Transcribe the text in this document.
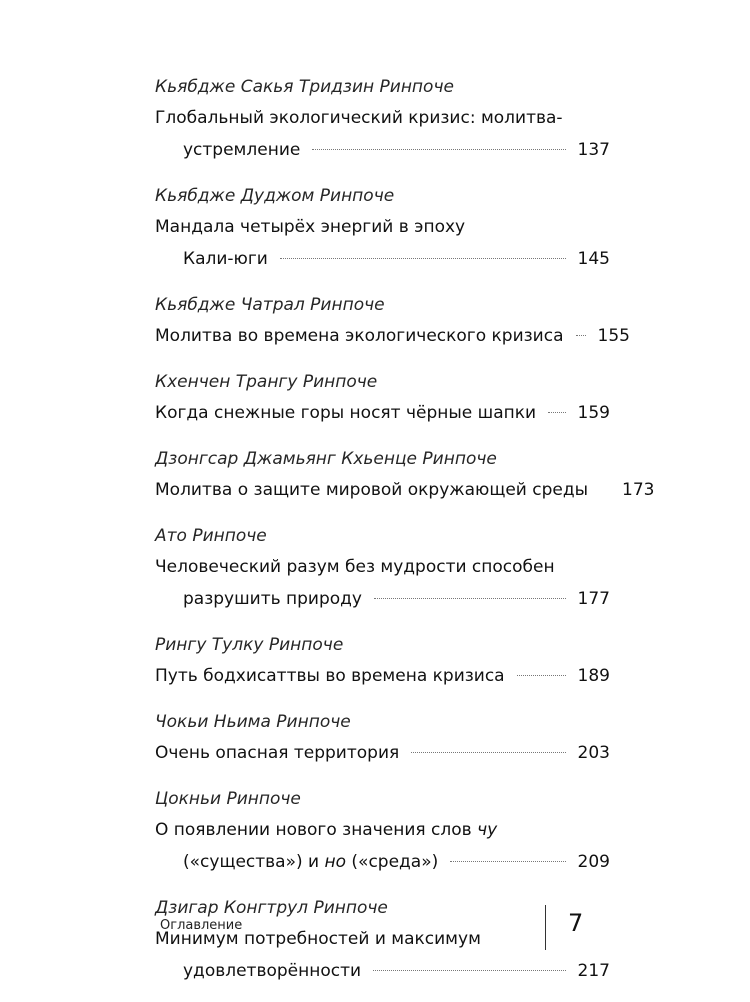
Кьябдже Сакья Тридзин Ринпоче
Глобальный экологический кризис: молитва-
устремление	137
Кьябдже Дуджом Ринпоче
Мандала четырёх энергий в эпоху
Кали-юги	145
Кьябдже Чатрал Ринпоче
Молитва во времена экологического кризиса 155
Кхенчен Трангу Ринпоче
Когда снежные горы носят чёрные шапки 159
Дзонгсар Джамьянг Кхьенце Ринпоче
Молитва о защите мировой окружающей среды 173
Ато Ринпоче
Человеческий разум без мудрости способен
разрушить природу	177
Рингу Тулку Ринпоче
Путь бодхисаттвы во времена кризиса	189
Чокьи Ньима Ринпоче
Очень опасная территория	203
Цокньи Ринпоче
О появлении нового значения слов чу
(«существа») и но («среда»)	209
Дзигар Конгтрул Ринпоче
Минимум потребностей и максимум
удовлетворённости	217
Оглавление	7
